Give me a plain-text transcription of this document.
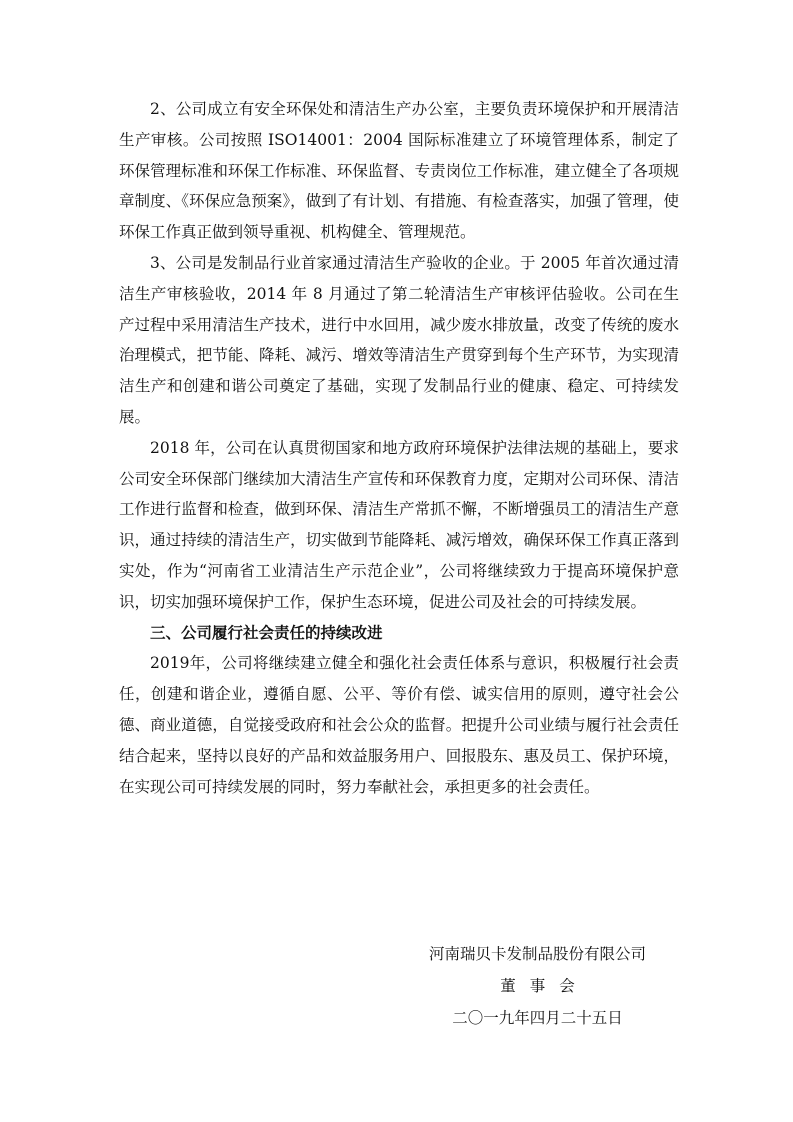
2、公司成立有安全环保处和清洁生产办公室，主要负责环境保护和开展清洁生产审核。公司按照 ISO14001：2004 国际标准建立了环境管理体系，制定了环保管理标准和环保工作标准、环保监督、专责岗位工作标准，建立健全了各项规章制度、《环保应急预案》，做到了有计划、有措施、有检查落实，加强了管理，使环保工作真正做到领导重视、机构健全、管理规范。

3、公司是发制品行业首家通过清洁生产验收的企业。于 2005 年首次通过清洁生产审核验收，2014 年 8 月通过了第二轮清洁生产审核评估验收。公司在生产过程中采用清洁生产技术，进行中水回用，减少废水排放量，改变了传统的废水治理模式，把节能、降耗、减污、增效等清洁生产贯穿到每个生产环节，为实现清洁生产和创建和谐公司奠定了基础，实现了发制品行业的健康、稳定、可持续发展。

2018 年，公司在认真贯彻国家和地方政府环境保护法律法规的基础上，要求公司安全环保部门继续加大清洁生产宣传和环保教育力度，定期对公司环保、清洁工作进行监督和检查，做到环保、清洁生产常抓不懈，不断增强员工的清洁生产意识，通过持续的清洁生产，切实做到节能降耗、减污增效，确保环保工作真正落到实处，作为“河南省工业清洁生产示范企业”，公司将继续致力于提高环境保护意识，切实加强环境保护工作，保护生态环境，促进公司及社会的可持续发展。

三、公司履行社会责任的持续改进

2019年，公司将继续建立健全和强化社会责任体系与意识，积极履行社会责任，创建和谐企业，遵循自愿、公平、等价有偿、诚实信用的原则，遵守社会公德、商业道德，自觉接受政府和社会公众的监督。把提升公司业绩与履行社会责任结合起来，坚持以良好的产品和效益服务用户、回报股东、惠及员工、保护环境，在实现公司可持续发展的同时，努力奉献社会，承担更多的社会责任。

河南瑞贝卡发制品股份有限公司
董事会
二〇一九年四月二十五日
